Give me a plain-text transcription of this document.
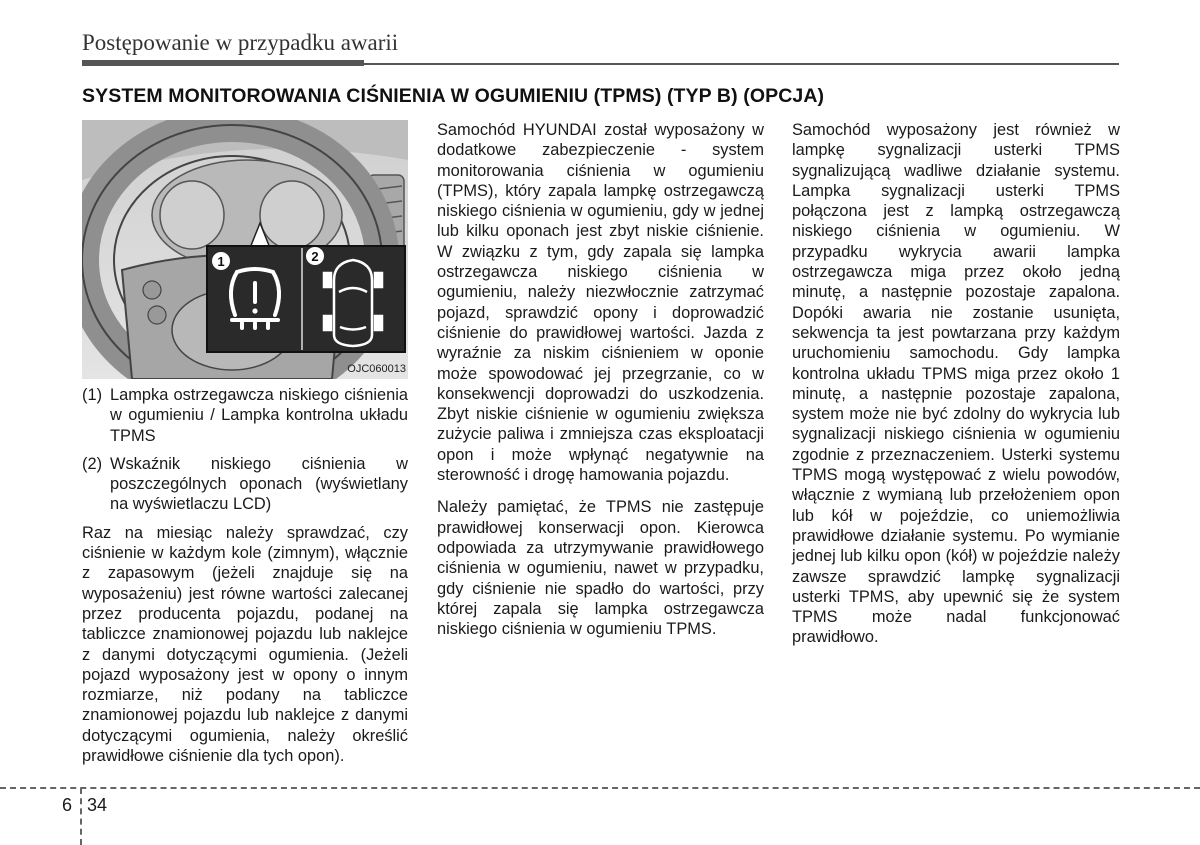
Postępowanie w przypadku awarii
SYSTEM MONITOROWANIA CIŚNIENIA W OGUMIENIU (TPMS) (TYP B) (OPCJA)
1	2
OJC060013
(1) Lampka ostrzegawcza niskiego ciśnienia w ogumieniu / Lampka kontrolna układu TPMS
(2) Wskaźnik niskiego ciśnienia w poszczególnych oponach (wyświetlany na wyświetlaczu LCD)

Raz na miesiąc należy sprawdzać, czy ciśnienie w każdym kole (zimnym), włącznie z zapasowym (jeżeli znajduje się na wyposażeniu) jest równe wartości zalecanej przez producenta pojazdu, podanej na tabliczce znamionowej pojazdu lub naklejce z danymi dotyczącymi ogumienia. (Jeżeli pojazd wyposażony jest w opony o innym rozmiarze, niż podany na tabliczce znamionowej pojazdu lub naklejce z danymi dotyczącymi ogumienia, należy określić prawidłowe ciśnienie dla tych opon).

Samochód HYUNDAI został wyposażony w dodatkowe zabezpieczenie - system monitorowania ciśnienia w ogumieniu (TPMS), który zapala lampkę ostrzegawczą niskiego ciśnienia w ogumieniu, gdy w jednej lub kilku oponach jest zbyt niskie ciśnienie. W związku z tym, gdy zapala się lampka ostrzegawcza niskiego ciśnienia w ogumieniu, należy niezwłocznie zatrzymać pojazd, sprawdzić opony i doprowadzić ciśnienie do prawidłowej wartości. Jazda z wyraźnie za niskim ciśnieniem w oponie może spowodować jej przegrzanie, co w konsekwencji doprowadzi do uszkodzenia. Zbyt niskie ciśnienie w ogumieniu zwiększa zużycie paliwa i zmniejsza czas eksploatacji opon i może wpłynąć negatywnie na sterowność i drogę hamowania pojazdu.

Należy pamiętać, że TPMS nie zastępuje prawidłowej konserwacji opon. Kierowca odpowiada za utrzymywanie prawidłowego ciśnienia w ogumieniu, nawet w przypadku, gdy ciśnienie nie spadło do wartości, przy której zapala się lampka ostrzegawcza niskiego ciśnienia w ogumieniu TPMS.

Samochód wyposażony jest również w lampkę sygnalizacji usterki TPMS sygnalizującą wadliwe działanie systemu. Lampka sygnalizacji usterki TPMS połączona jest z lampką ostrzegawczą niskiego ciśnienia w ogumieniu. W przypadku wykrycia awarii lampka ostrzegawcza miga przez około jedną minutę, a następnie pozostaje zapalona. Dopóki awaria nie zostanie usunięta, sekwencja ta jest powtarzana przy każdym uruchomieniu samochodu. Gdy lampka kontrolna układu TPMS miga przez około 1 minutę, a następnie pozostaje zapalona, system może nie być zdolny do wykrycia lub sygnalizacji niskiego ciśnienia w ogumieniu zgodnie z przeznaczeniem. Usterki systemu TPMS mogą występować z wielu powodów, włącznie z wymianą lub przełożeniem opon lub kół w pojeździe, co uniemożliwia prawidłowe działanie systemu. Po wymianie jednej lub kilku opon (kół) w pojeździe należy zawsze sprawdzić lampkę sygnalizacji usterki TPMS, aby upewnić się że system TPMS może nadal funkcjonować prawidłowo.

6 34
